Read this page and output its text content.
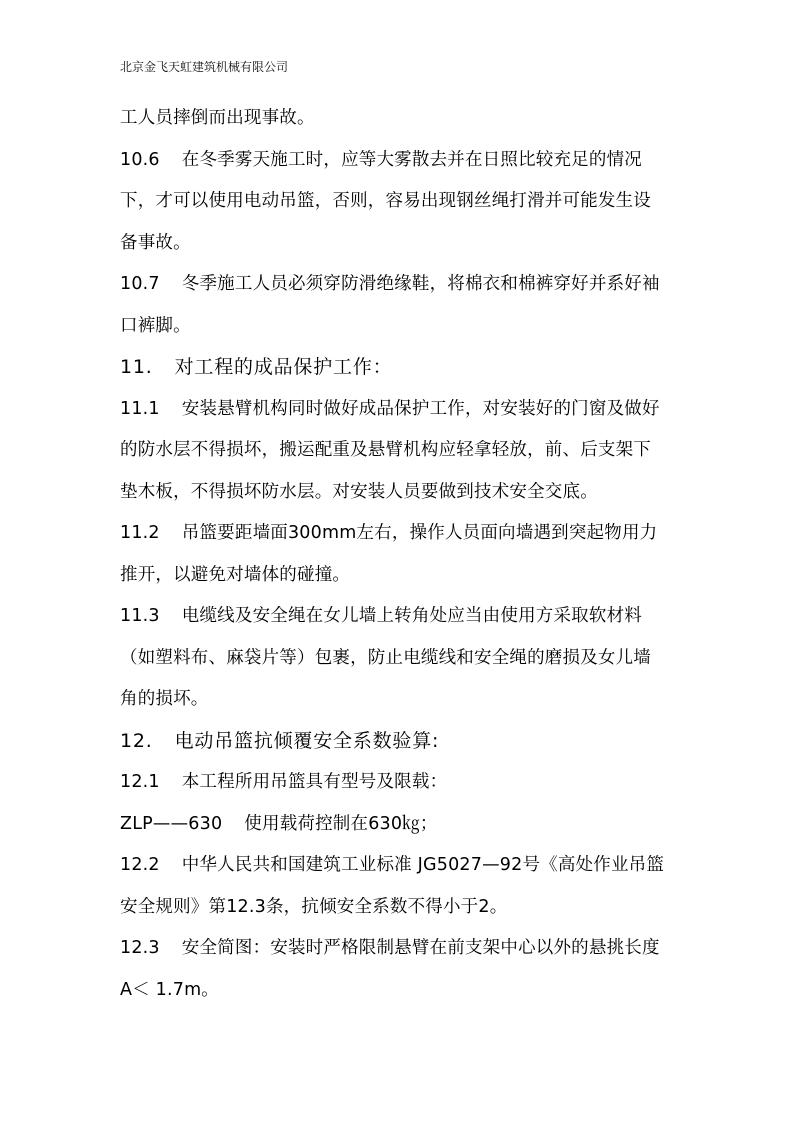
北京金飞天虹建筑机械有限公司
工人员摔倒而出现事故。
10.6 在冬季雾天施工时，应等大雾散去并在日照比较充足的情况
下，才可以使用电动吊篮，否则，容易出现钢丝绳打滑并可能发生设
备事故。
10.7 冬季施工人员必须穿防滑绝缘鞋，将棉衣和棉裤穿好并系好袖
口裤脚。
11. 对工程的成品保护工作：
11.1 安装悬臂机构同时做好成品保护工作，对安装好的门窗及做好
的防水层不得损坏，搬运配重及悬臂机构应轻拿轻放，前、后支架下
垫木板，不得损坏防水层。对安装人员要做到技术安全交底。
11.2 吊篮要距墙面300mm左右，操作人员面向墙遇到突起物用力
推开，以避免对墙体的碰撞。
11.3 电缆线及安全绳在女儿墙上转角处应当由使用方采取软材料
（如塑料布、麻袋片等）包裹，防止电缆线和安全绳的磨损及女儿墙
角的损坏。
12. 电动吊篮抗倾覆安全系数验算:
12.1 本工程所用吊篮具有型号及限载：
ZLP——630 使用载荷控制在630㎏；
12.2 中华人民共和国建筑工业标准 JG5027—92号《高处作业吊篮
安全规则》第12.3条，抗倾安全系数不得小于2。
12.3 安全简图：安装时严格限制悬臂在前支架中心以外的悬挑长度
A＜ 1.7m。
